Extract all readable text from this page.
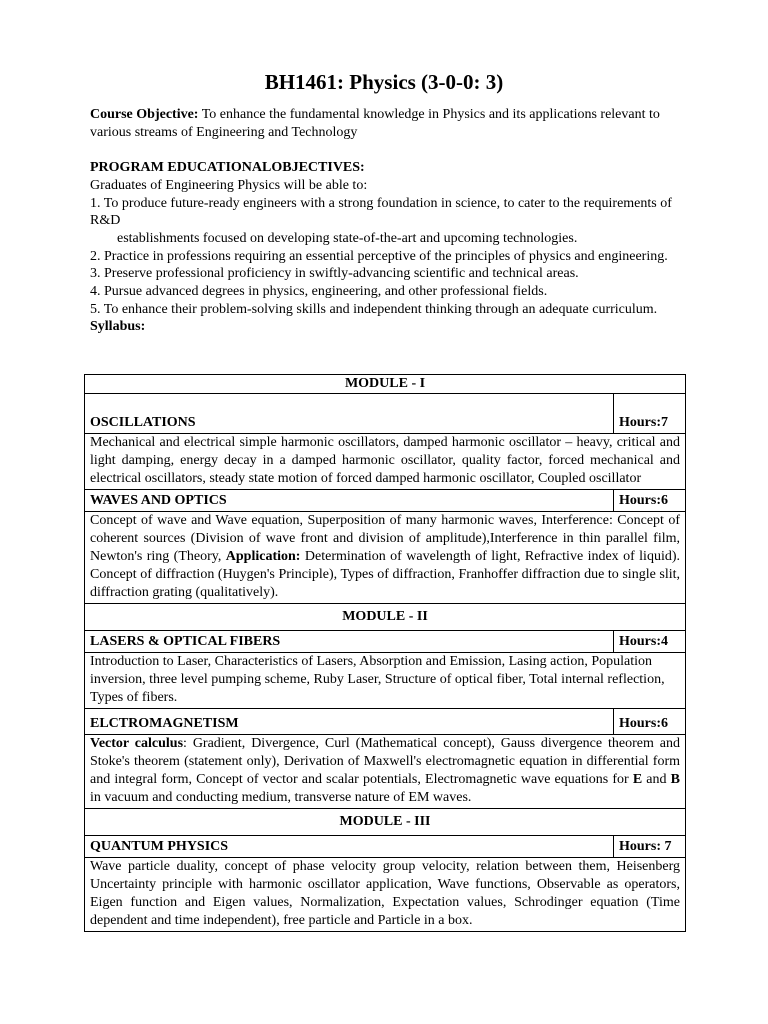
BH1461: Physics (3-0-0: 3)

Course Objective: To enhance the fundamental knowledge in Physics and its applications relevant to various streams of Engineering and Technology

PROGRAM EDUCATIONALOBJECTIVES:

Graduates of Engineering Physics will be able to:

1. To produce future-ready engineers with a strong foundation in science, to cater to the requirements of R&D

establishments focused on developing state-of-the-art and upcoming technologies.

2. Practice in professions requiring an essential perceptive of the principles of physics and engineering.

3. Preserve professional proficiency in swiftly-advancing scientific and technical areas.

4. Pursue advanced degrees in physics, engineering, and other professional fields.

5. To enhance their problem-solving skills and independent thinking through an adequate curriculum.

Syllabus:

MODULE - I	
OSCILLATIONS	Hours:7
Mechanical and electrical simple harmonic oscillators, damped harmonic oscillator – heavy, critical and light damping, energy decay in a damped harmonic oscillator, quality factor, forced mechanical and electrical oscillators, steady state motion of forced damped harmonic oscillator, Coupled oscillator	
WAVES AND OPTICS	Hours:6
Concept of wave and Wave equation, Superposition of many harmonic waves, Interference: Concept of coherent sources (Division of wave front and division of amplitude),Interference in thin parallel film, Newton's ring (Theory, Application: Determination of wavelength of light, Refractive index of liquid). Concept of diffraction (Huygen's Principle), Types of diffraction, Franhoffer diffraction due to single slit, diffraction grating (qualitatively).	
MODULE - II	
LASERS & OPTICAL FIBERS	Hours:4
Introduction to Laser, Characteristics of Lasers, Absorption and Emission, Lasing action, Population inversion, three level pumping scheme, Ruby Laser, Structure of optical fiber, Total internal reflection, Types of fibers.	
ELCTROMAGNETISM	Hours:6
Vector calculus: Gradient, Divergence, Curl (Mathematical concept), Gauss divergence theorem and Stoke's theorem (statement only), Derivation of Maxwell's electromagnetic equation in differential form and integral form, Concept of vector and scalar potentials, Electromagnetic wave equations for E and B in vacuum and conducting medium, transverse nature of EM waves.	
MODULE - III	
QUANTUM PHYSICS	Hours: 7
Wave particle duality, concept of phase velocity group velocity, relation between them, Heisenberg Uncertainty principle with harmonic oscillator application, Wave functions, Observable as operators, Eigen function and Eigen values, Normalization, Expectation values, Schrodinger equation (Time dependent and time independent), free particle and Particle in a box.	
